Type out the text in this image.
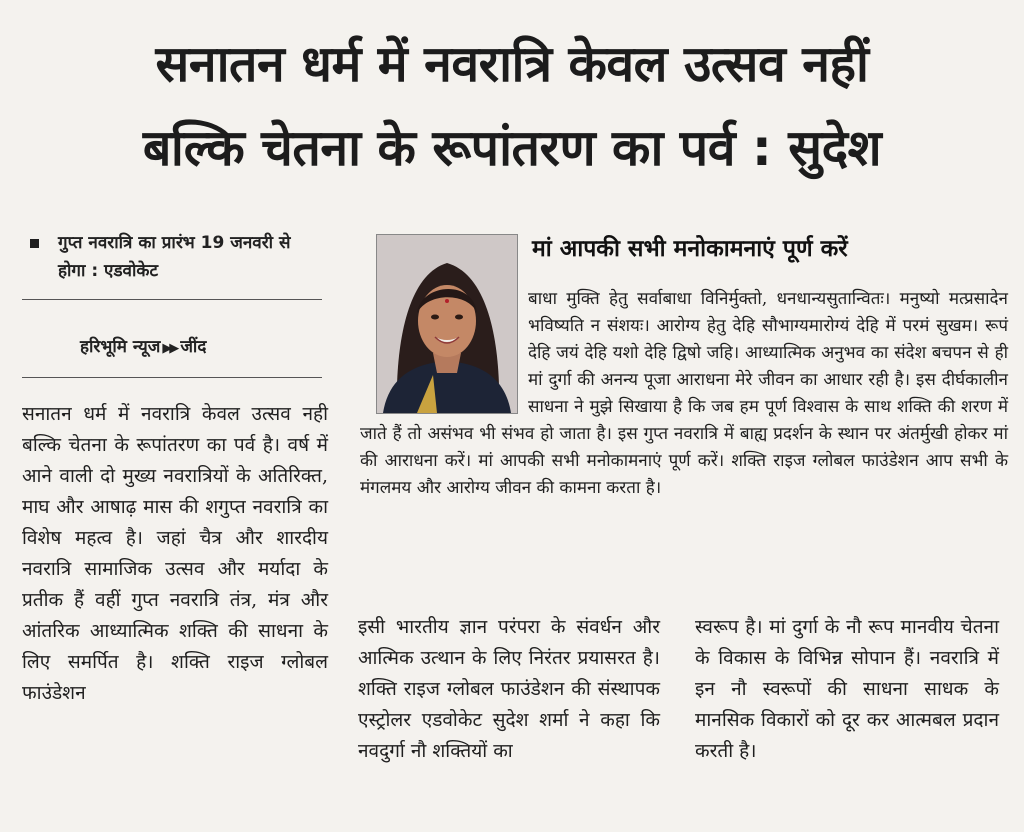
सनातन धर्म में नवरात्रि केवल उत्सव नहीं
बल्कि चेतना के रूपांतरण का पर्व : सुदेश
गुप्त नवरात्रि का प्रारंभ 19 जनवरी से होगा : एडवोकेट
हरिभूमि न्यूज ▶▶ जींद
सनातन धर्म में नवरात्रि केवल उत्सव नही बल्कि चेतना के रूपांतरण का पर्व है। वर्ष में आने वाली दो मुख्य नवरात्रियों के अतिरिक्त, माघ और आषाढ़ मास की शगुप्त नवरात्रि का विशेष महत्व है। जहां चैत्र और शारदीय नवरात्रि सामाजिक उत्सव और मर्यादा के प्रतीक हैं वहीं गुप्त नवरात्रि तंत्र, मंत्र और आंतरिक आध्यात्मिक शक्ति की साधना के लिए समर्पित है। शक्ति राइज ग्लोबल फाउंडेशन
मां आपकी सभी मनोकामनाएं पूर्ण करें
बाधा मुक्ति हेतु सर्वाबाधा विनिर्मुक्तो, धनधान्यसुतान्वितः। मनुष्यो मत्प्रसादेन भविष्यति न संशयः। आरोग्य हेतु देहि सौभाग्यमारोग्यं देहि में परमं सुखम। रूपं देहि जयं देहि यशो देहि द्विषो जहि। आध्यात्मिक अनुभव का संदेश बचपन से ही मां दुर्गा की अनन्य पूजा आराधना मेरे जीवन का आधार रही है। इस दीर्घकालीन साधना ने मुझे सिखाया है कि जब हम पूर्ण विश्वास के साथ शक्ति की शरण में जाते हैं तो असंभव भी संभव हो जाता है। इस गुप्त नवरात्रि में बाह्य प्रदर्शन के स्थान पर अंतर्मुखी होकर मां की आराधना करें। मां आपकी सभी मनोकामनाएं पूर्ण करें। शक्ति राइज ग्लोबल फाउंडेशन आप सभी के मंगलमय और आरोग्य जीवन की कामना करता है।
इसी भारतीय ज्ञान परंपरा के संवर्धन और आत्मिक उत्थान के लिए निरंतर प्रयासरत है। शक्ति राइज ग्लोबल फाउंडेशन की संस्थापक एस्ट्रोलर एडवोकेट सुदेश शर्मा ने कहा कि नवदुर्गा नौ शक्तियों का
स्वरूप है। मां दुर्गा के नौ रूप मानवीय चेतना के विकास के विभिन्न सोपान हैं। नवरात्रि में इन नौ स्वरूपों की साधना साधक के मानसिक विकारों को दूर कर आत्मबल प्रदान करती है।
